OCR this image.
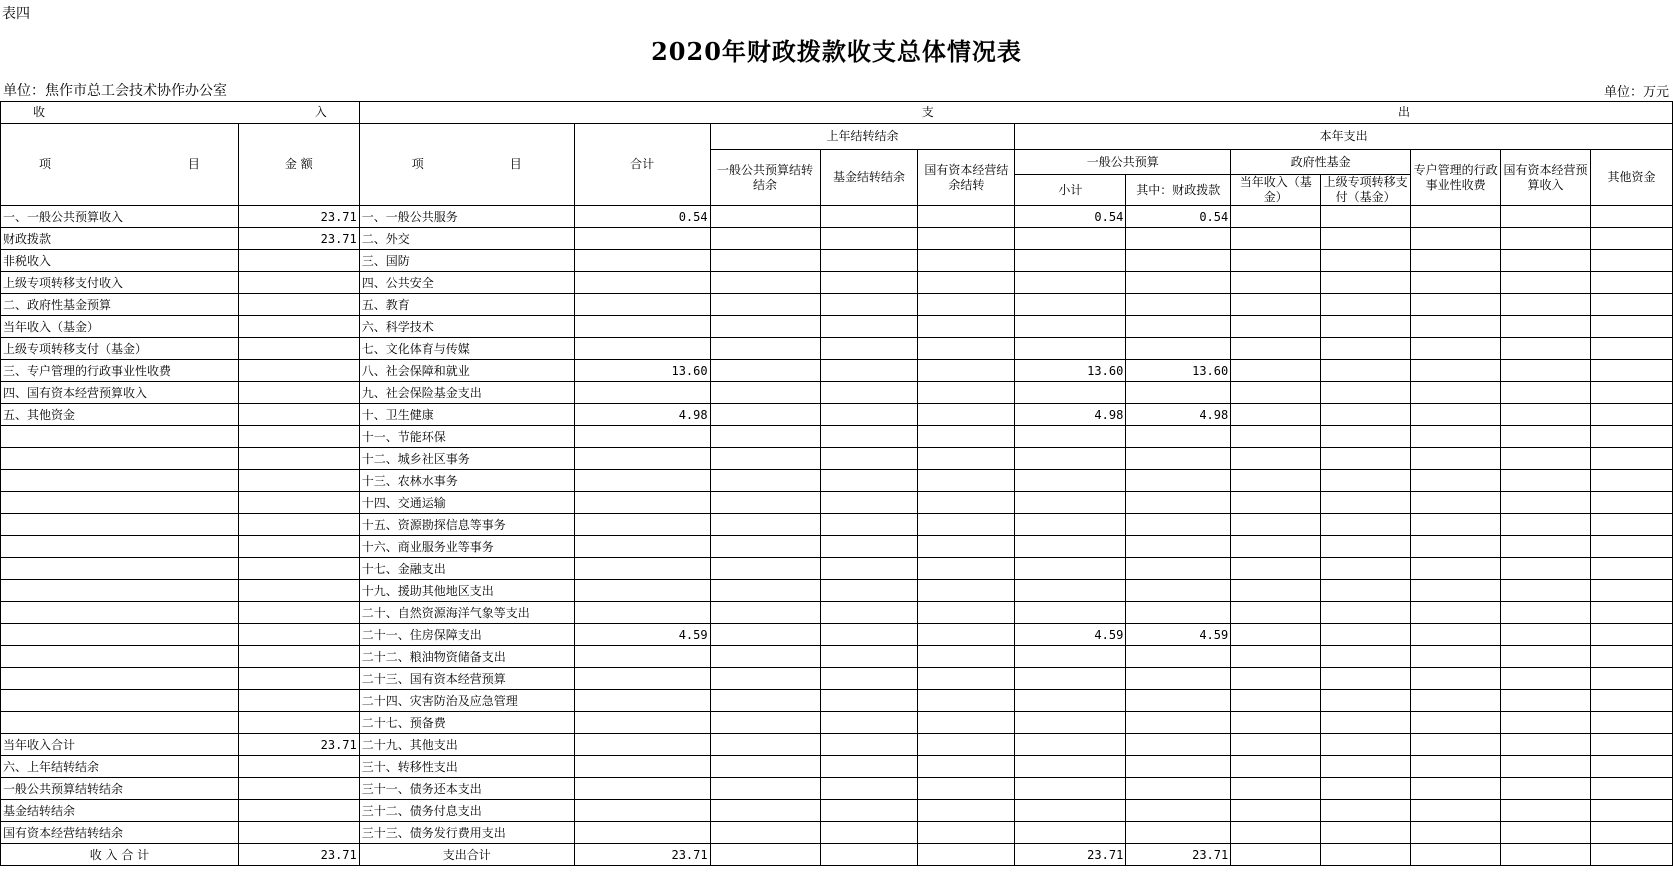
表四
2020年财政拨款收支总体情况表
单位：焦作市总工会技术协作办公室	单位：万元
收 入		支 出											

项 目	金 额	项 目	合计	上年结转结余			本年支出						
				一般公共预算结转结余	基金结转结余	国有资本经营结余结转	一般公共预算		政府性基金		专户管理的行政事业性收费	国有资本经营预算收入	其他资金
							小计	其中：财政拨款	当年收入（基金）	上级专项转移支付（基金）			
一、一般公共预算收入	23.71	一、一般公共服务	0.54				0.54	0.54					
财政拨款	23.71	二、外交											
非税收入		三、国防											
上级专项转移支付收入		四、公共安全											
二、政府性基金预算		五、教育											
当年收入（基金）		六、科学技术											
上级专项转移支付（基金）		七、文化体育与传媒											
三、专户管理的行政事业性收费		八、社会保障和就业	13.60				13.60	13.60					
四、国有资本经营预算收入		九、社会保险基金支出											
五、其他资金		十、卫生健康	4.98				4.98	4.98					
		十一、节能环保											
		十二、城乡社区事务											
		十三、农林水事务											
		十四、交通运输											
		十五、资源勘探信息等事务											
		十六、商业服务业等事务											
		十七、金融支出											
		十九、援助其他地区支出											
		二十、自然资源海洋气象等支出											
		二十一、住房保障支出	4.59				4.59	4.59					
		二十二、粮油物资储备支出											
		二十三、国有资本经营预算											
		二十四、灾害防治及应急管理											
		二十七、预备费											
当年收入合计	23.71	二十九、其他支出											
六、上年结转结余		三十、转移性支出											
一般公共预算结转结余		三十一、债务还本支出											
基金结转结余		三十二、债务付息支出											
国有资本经营结转结余		三十三、债务发行费用支出											
收 入 合 计	23.71	支出合计	23.71				23.71	23.71					
